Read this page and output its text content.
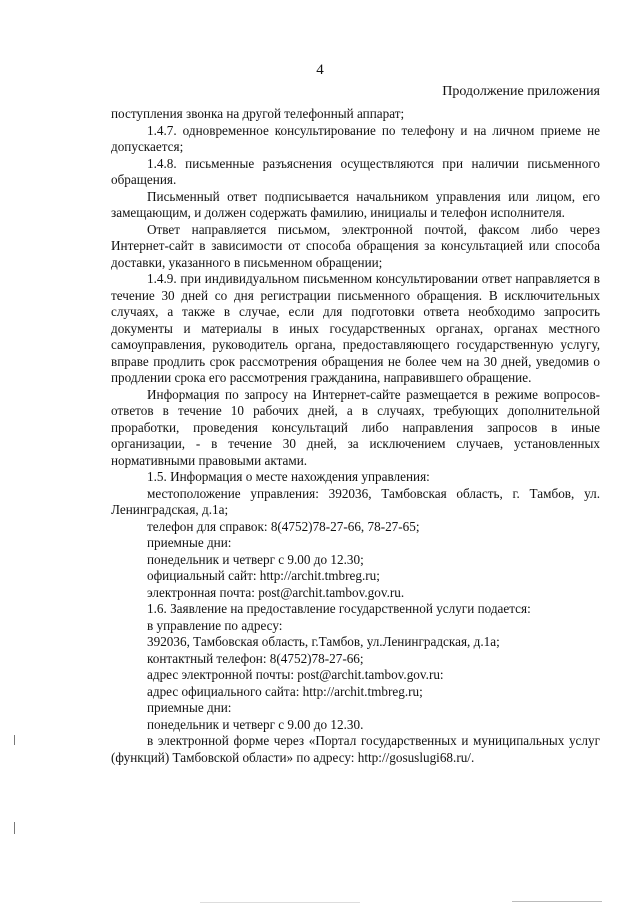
4
Продолжение приложения

поступления звонка на другой телефонный аппарат;

1.4.7. одновременное консультирование по телефону и на личном приеме не допускается;

1.4.8. письменные разъяснения осуществляются при наличии письменного обращения.

Письменный ответ подписывается начальником управления или лицом, его замещающим, и должен содержать фамилию, инициалы и телефон исполнителя.

Ответ направляется письмом, электронной почтой, факсом либо через Интернет-сайт в зависимости от способа обращения за консультацией или способа доставки, указанного в письменном обращении;

1.4.9. при индивидуальном письменном консультировании ответ направляется в течение 30 дней со дня регистрации письменного обращения. В исключительных случаях, а также в случае, если для подготовки ответа необходимо запросить документы и материалы в иных государственных органах, органах местного самоуправления, руководитель органа, предоставляющего государственную услугу, вправе продлить срок рассмотрения обращения не более чем на 30 дней, уведомив о продлении срока его рассмотрения гражданина, направившего обращение.

Информация по запросу на Интернет-сайте размещается в режиме вопросов-ответов в течение 10 рабочих дней, а в случаях, требующих дополнительной проработки, проведения консультаций либо направления запросов в иные организации, - в течение 30 дней, за исключением случаев, установленных нормативными правовыми актами.

1.5. Информация о месте нахождения управления:

местоположение управления: 392036, Тамбовская область, г. Тамбов, ул. Ленинградская, д.1а;

телефон для справок: 8(4752)78-27-66, 78-27-65;

приемные дни:

понедельник и четверг с 9.00 до 12.30;

официальный сайт: http://archit.tmbreg.ru;

электронная почта: post@archit.tambov.gov.ru.

1.6. Заявление на предоставление государственной услуги подается:

в управление по адресу:

392036, Тамбовская область, г.Тамбов, ул.Ленинградская, д.1а;

контактный телефон: 8(4752)78-27-66;

адрес электронной почты: post@archit.tambov.gov.ru:

адрес официального сайта: http://archit.tmbreg.ru;

приемные дни:

понедельник и четверг с 9.00 до 12.30.

в электронной форме через «Портал государственных и муниципальных услуг (функций) Тамбовской области» по адресу: http://gosuslugi68.ru/.
